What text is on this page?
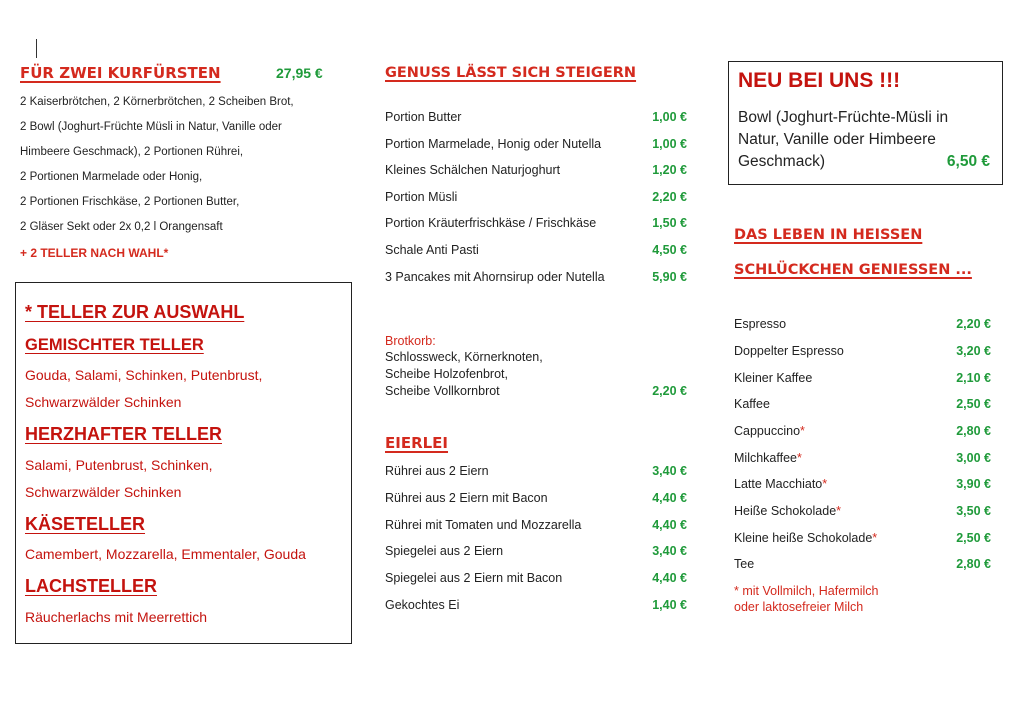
FÜR ZWEI KURFÜRSTEN	27,95 €
2 Kaiserbrötchen, 2 Körnerbrötchen, 2 Scheiben Brot,
2 Bowl (Joghurt-Früchte Müsli in Natur, Vanille oder
Himbeere Geschmack), 2 Portionen Rührei,
2 Portionen Marmelade oder Honig,
2 Portionen Frischkäse, 2 Portionen Butter,
2 Gläser Sekt oder 2x 0,2 l Orangensaft
+ 2 TELLER NACH WAHL*
* TELLER ZUR AUSWAHL
GEMISCHTER TELLER
Gouda, Salami, Schinken, Putenbrust,
Schwarzwälder Schinken
HERZHAFTER TELLER
Salami, Putenbrust, Schinken,
Schwarzwälder Schinken
KÄSETELLER
Camembert, Mozzarella, Emmentaler, Gouda
LACHSTELLER
Räucherlachs mit Meerrettich
GENUSS LÄSST SICH STEIGERN
Portion Butter	1,00 €
Portion Marmelade, Honig oder Nutella	1,00 €
Kleines Schälchen Naturjoghurt	1,20 €
Portion Müsli	2,20 €
Portion Kräuterfrischkäse / Frischkäse	1,50 €
Schale Anti Pasti	4,50 €
3 Pancakes mit Ahornsirup oder Nutella	5,90 €
Brotkorb:
Schlossweck, Körnerknoten,
Scheibe Holzofenbrot,
Scheibe Vollkornbrot	2,20 €
EIERLEI
Rührei aus 2 Eiern	3,40 €
Rührei aus 2 Eiern mit Bacon	4,40 €
Rührei mit Tomaten und Mozzarella	4,40 €
Spiegelei aus 2 Eiern	3,40 €
Spiegelei aus 2 Eiern mit Bacon	4,40 €
Gekochtes Ei	1,40 €
NEU BEI UNS !!!
Bowl (Joghurt-Früchte-Müsli in
Natur, Vanille oder Himbeere
Geschmack)	6,50 €
DAS LEBEN IN HEISSEN
SCHLÜCKCHEN GENIESSEN ...
Espresso	2,20 €
Doppelter Espresso	3,20 €
Kleiner Kaffee	2,10 €
Kaffee	2,50 €
Cappuccino*	2,80 €
Milchkaffee*	3,00 €
Latte Macchiato*	3,90 €
Heiße Schokolade*	3,50 €
Kleine heiße Schokolade*	2,50 €
Tee	2,80 €
* mit Vollmilch, Hafermilch
oder laktosefreier Milch
